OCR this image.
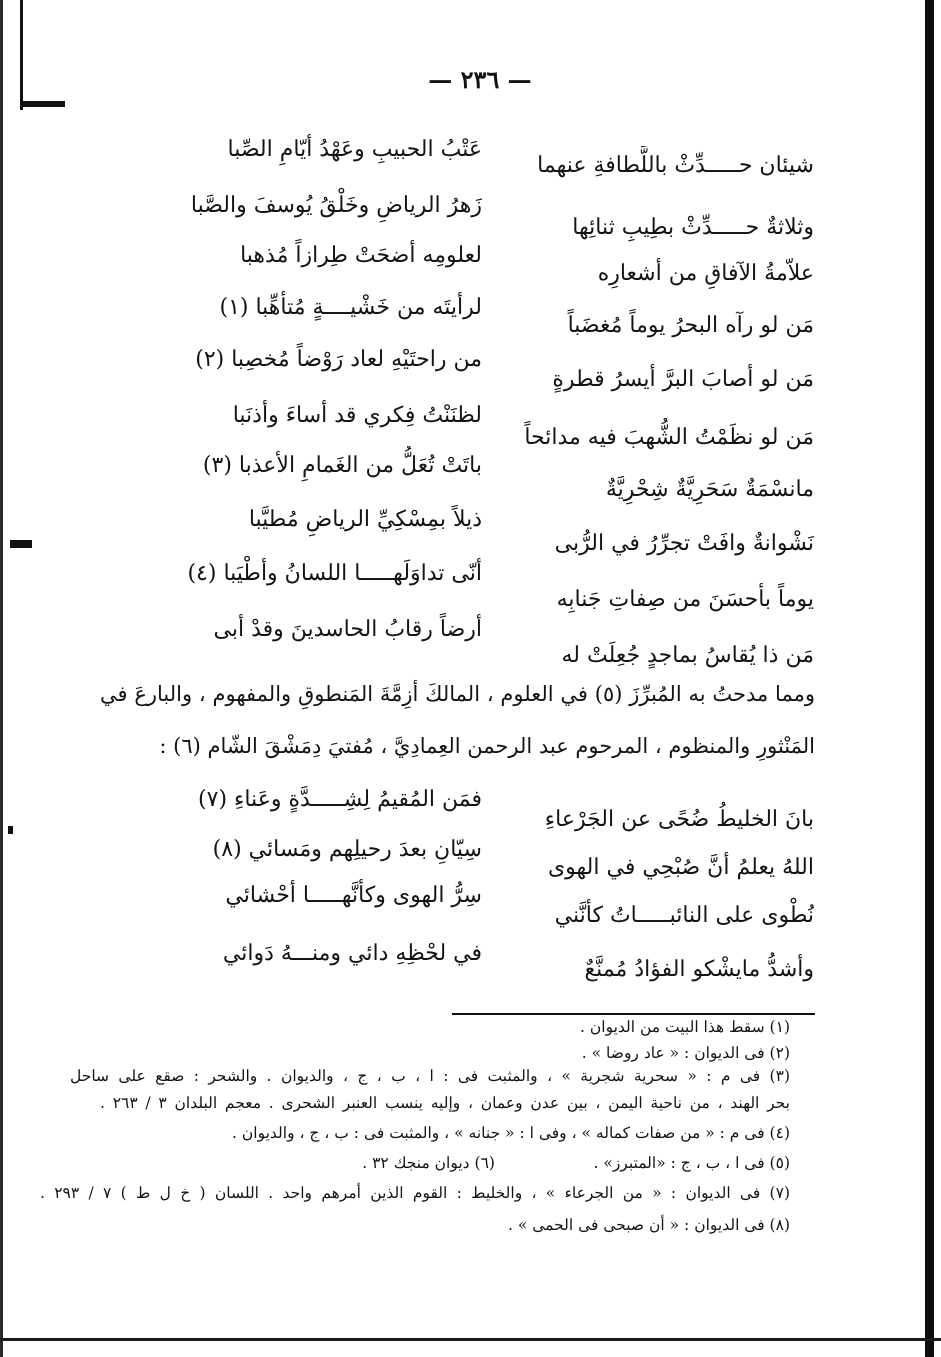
— ٢٣٦ —
شيئان حـــــدِّثْ باللَّطافةِ عنهما
عَتْبُ الحبيبِ وعَهْدُ أيّامِ الصِّبا
وثلاثةٌ حـــــدِّثْ بطِيبِ ثنائِها
زَهرُ الرياضِ وخَلْقُ يُوسفَ والصَّبا
علاّمةُ الآفاقِ من أشعارِه
لعلومِه أضحَتْ طِرازاً مُذهبا
مَن لو رآه البحرُ يوماً مُغضَباً
لرأيتَه من خَشْيــــةٍ مُتأهِّبا (١)
مَن لو أصابَ البرَّ أيسرُ قطرةٍ
من راحتَيْهِ لعاد رَوْضاً مُخصِبا (٢)
مَن لو نظَمْتُ الشُّهبَ فيه مدائحاً
لظنَنْتُ فِكري قد أساءَ وأذنَبا
مانسْمَةٌ سَحَرِيَّةٌ شِحْرِيَّةٌ
باتَتْ تُعَلُّ من الغَمامِ الأعذبا (٣)
نَشْوانةٌ وافَتْ تجرِّرُ في الرُّبى
ذيلاً بمِسْكِيِّ الرياضِ مُطيَّبا
يوماً بأحسَنَ من صِفاتِ جَنابِه
أنّى تداوَلَهـــــا اللسانُ وأطْيَبا (٤)
مَن ذا يُقاسُ بماجدٍ جُعِلَتْ له
أرضاً رقابُ الحاسدينَ وقدْ أبى
ومما مدحتُ به المُبرِّزَ (٥) في العلوم ، المالكَ أزِمَّةَ المَنطوقِ والمفهوم ، والبارعَ في
المَنْثورِ والمنظوم ، المرحوم عبد الرحمن العِمادِيَّ ، مُفتيَ دِمَشْقَ الشّام (٦) :
بانَ الخليطُ ضُحًى عن الجَرْعاءِ
فمَن المُقيمُ لِشِـــــدَّةٍ وعَناءِ (٧)
اللهُ يعلمُ أنَّ صُبْحِي في الهوى
سِيّانِ بعدَ رحيلِهم ومَسائي (٨)
نُطْوى على النائبـــــاتُ كأنَّني
سِرُّ الهوى وكأنَّهـــــا أحْشائي
وأشدُّ مايشْكو الفؤادُ مُمنَّعٌ
في لحْظِهِ دائي ومنـــهُ دَوائي
(١) سقط هذا البيت من الديوان .
(٢) فى الديوان : « عاد روضا » .
(٣) فى م : « سحرية شجرية » ، والمثبت فى : ا ، ب ، ج ، والديوان . والشحر : صقع على ساحل
بحر الهند ، من ناحية اليمن ، بين عدن وعمان ، وإليه ينسب العنبر الشحرى . معجم البلدان ٣ / ٢٦٣ .
(٤) فى م : « من صفات كماله » ، وفى ا : « جنانه » ، والمثبت فى : ب ، ج ، والديوان .
(٥) فى ا ، ب ، ج : «المتبرز» .                    (٦) ديوان منجك ٣٢ .
(٧) فى الديوان : « من الجرعاء » ، والخليط : القوم الذين أمرهم واحد . اللسان ( خ ل ط ) ٧ / ٢٩٣ .
(٨) فى الديوان : « أن صبحى فى الحمى » .
